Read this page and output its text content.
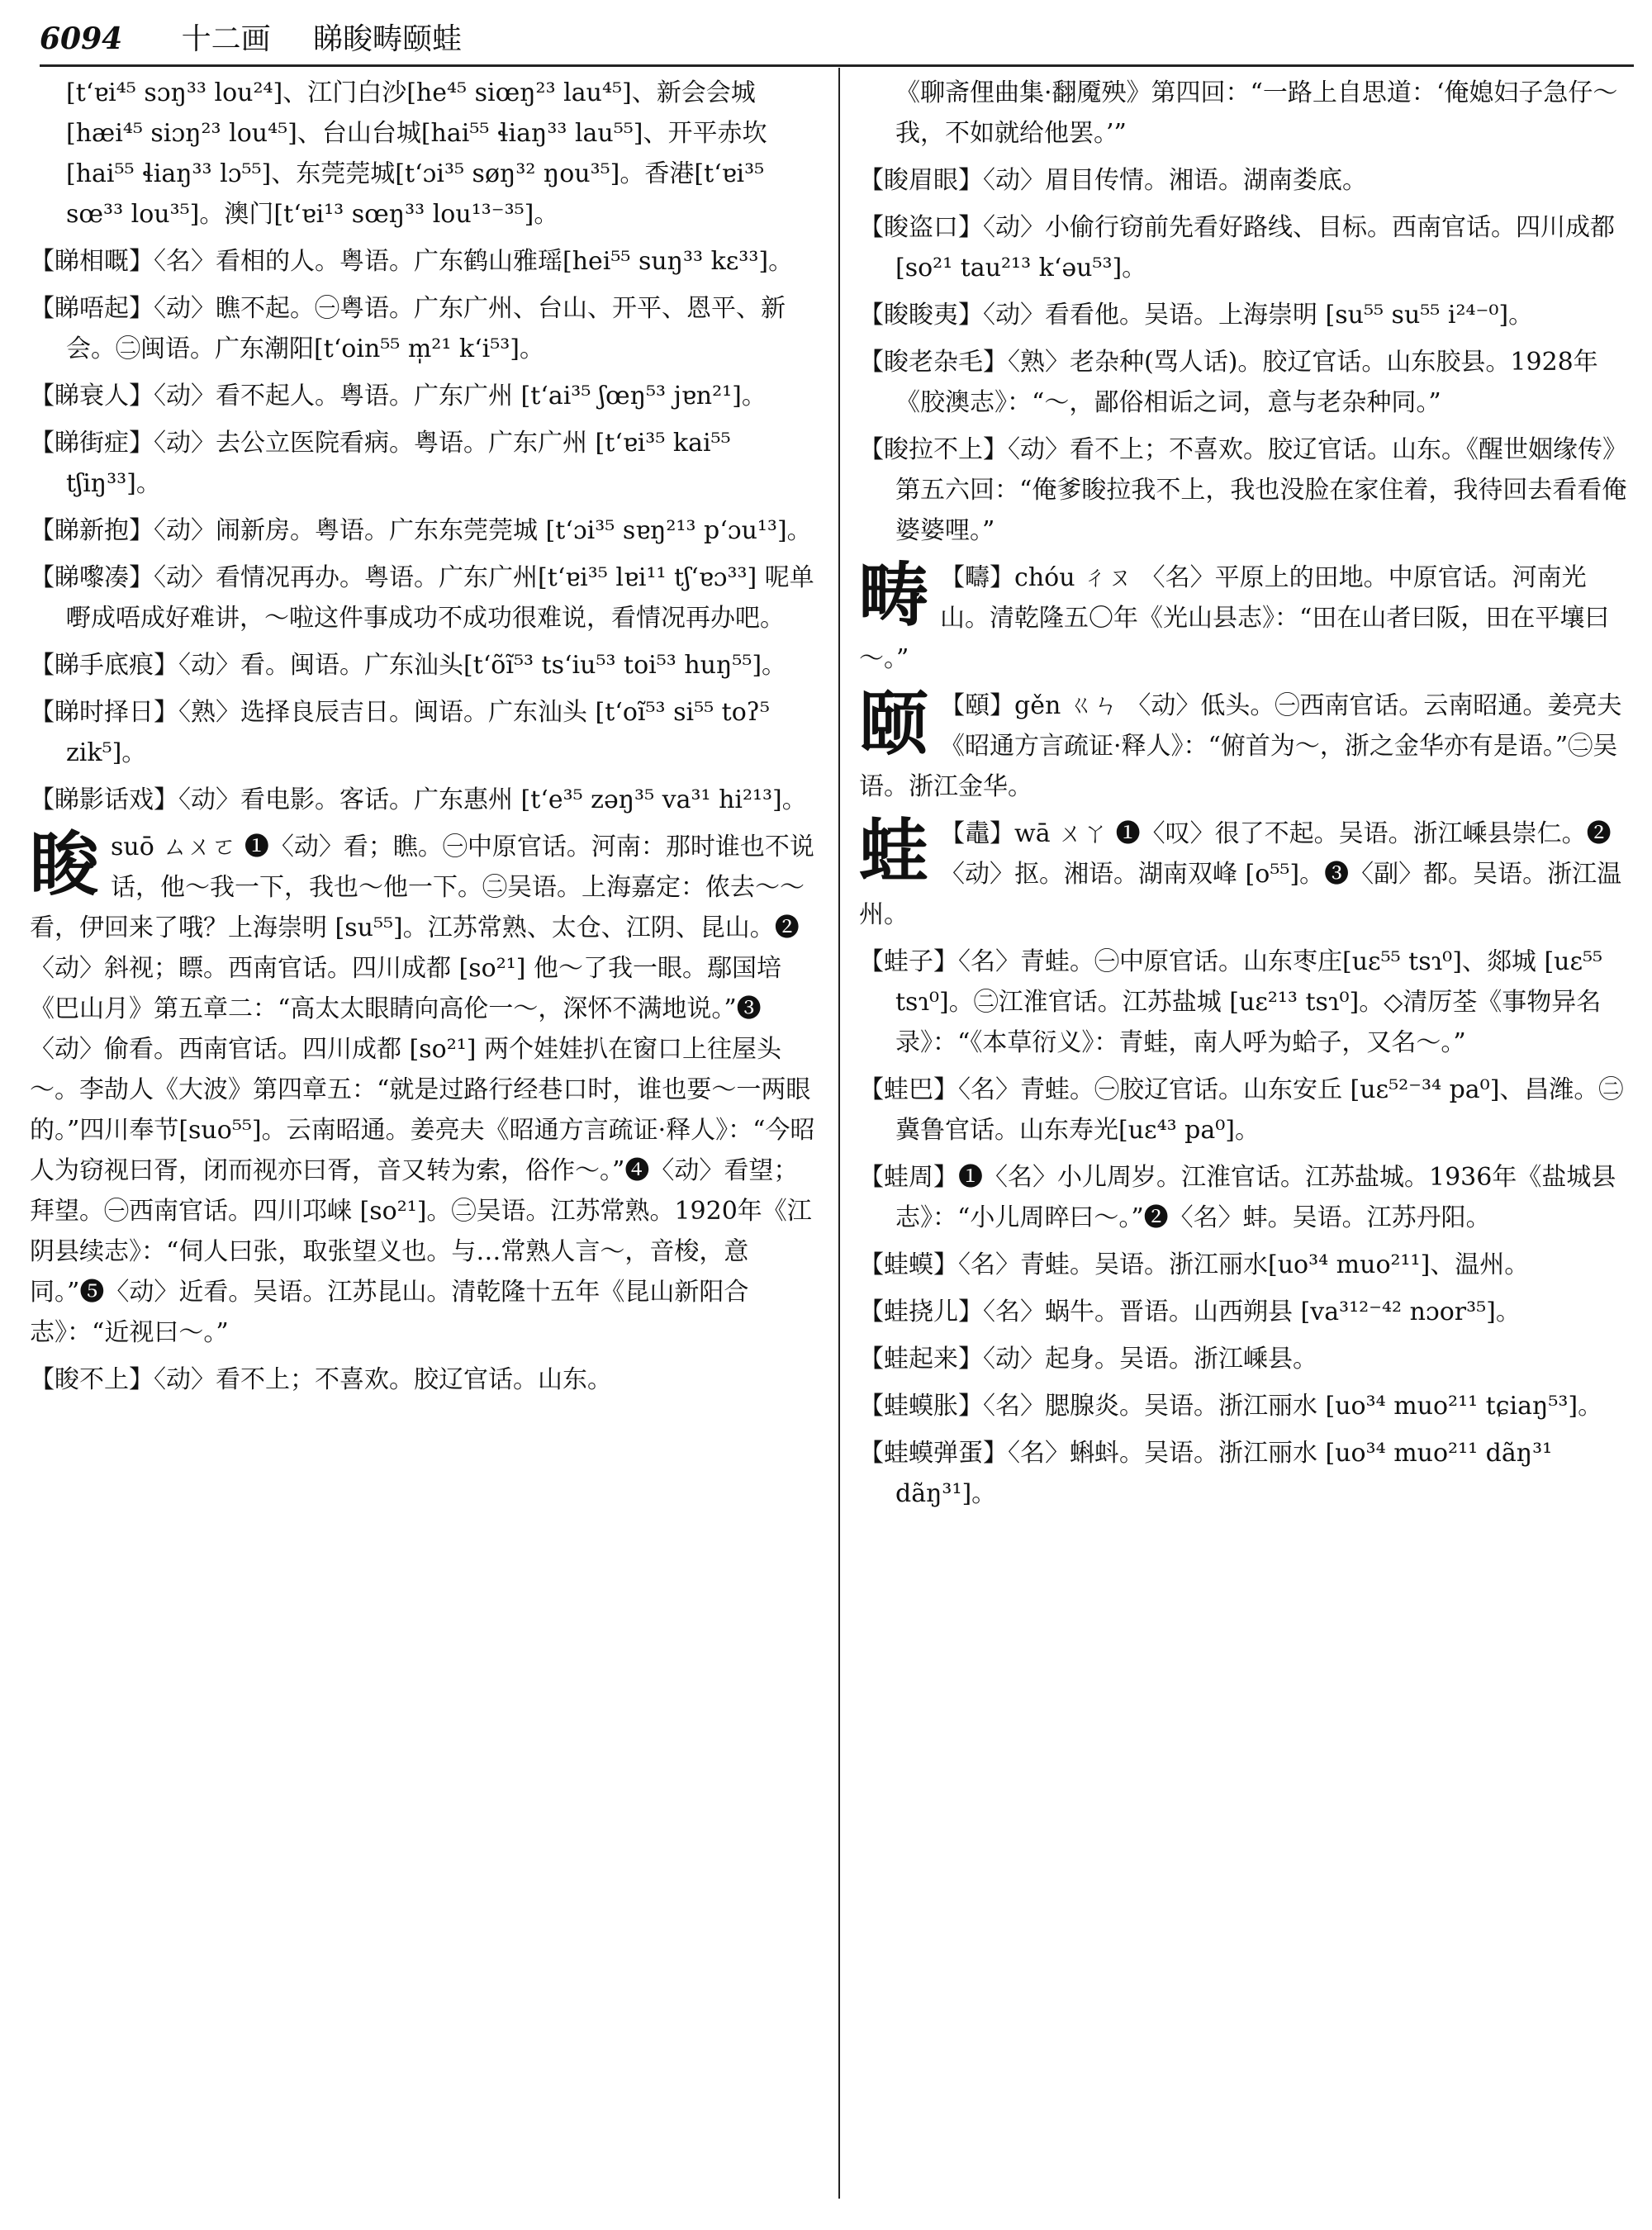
6094 十二画 睇睃畴颐蛙

[tʻɐi⁴⁵ sɔŋ³³ lou²⁴]、江门白沙[he⁴⁵ siœŋ²³ lau⁴⁵]、新会会城[hæi⁴⁵ siɔŋ²³ lou⁴⁵]、台山台城[hai⁵⁵ ɬiaŋ³³ lau⁵⁵]、开平赤坎[hai⁵⁵ ɬiaŋ³³ lɔ⁵⁵]、东莞莞城[tʻɔi³⁵ søŋ³² ŋou³⁵]。香港[tʻɐi³⁵ sœ³³ lou³⁵]。澳门[tʻɐi¹³ sœŋ³³ lou¹³⁻³⁵]。

【睇相嘅】〈名〉看相的人。粤语。广东鹤山雅瑶[hei⁵⁵ suŋ³³ kɛ³³]。

【睇唔起】〈动〉瞧不起。㊀粤语。广东广州、台山、开平、恩平、新会。㊁闽语。广东潮阳[tʻoin⁵⁵ m̩²¹ kʻi⁵³]。

【睇衰人】〈动〉看不起人。粤语。广东广州 [tʻai³⁵ ʃœŋ⁵³ jɐn²¹]。

【睇街症】〈动〉去公立医院看病。粤语。广东广州 [tʻɐi³⁵ kai⁵⁵ tʃiŋ³³]。

【睇新抱】〈动〉闹新房。粤语。广东东莞莞城 [tʻɔi³⁵ sɐŋ²¹³ pʻɔu¹³]。

【睇嚟凑】〈动〉看情况再办。粤语。广东广州[tʻɐi³⁵ lɐi¹¹ tʃʻɐɔ³³] 呢单嘢成唔成好难讲，～啦这件事成功不成功很难说，看情况再办吧。

【睇手底痕】〈动〉看。闽语。广东汕头[tʻõĩ⁵³ tsʻiu⁵³ toi⁵³ huŋ⁵⁵]。

【睇时择日】〈熟〉选择良辰吉日。闽语。广东汕头 [tʻoĩ⁵³ si⁵⁵ toʔ⁵ zik⁵]。

【睇影话戏】〈动〉看电影。客话。广东惠州 [tʻe³⁵ zəŋ³⁵ va³¹ hi²¹³]。

睃 suō ㄙㄨㄛ ❶〈动〉看；瞧。㊀中原官话。河南：那时谁也不说话，他～我一下，我也～他一下。㊁吴语。上海嘉定：侬去～～看，伊回来了哦？上海崇明 [su⁵⁵]。江苏常熟、太仓、江阴、昆山。❷〈动〉斜视；瞟。西南官话。四川成都 [so²¹] 他～了我一眼。鄢国培《巴山月》第五章二：“高太太眼睛向高伦一～，深怀不满地说。”❸〈动〉偷看。西南官话。四川成都 [so²¹] 两个娃娃扒在窗口上往屋头～。李劼人《大波》第四章五：“就是过路行经巷口时，谁也要～一两眼的。”四川奉节[suo⁵⁵]。云南昭通。姜亮夫《昭通方言疏证·释人》：“今昭人为窃视曰胥，闭而视亦曰胥，音又转为索，俗作～。”❹〈动〉看望；拜望。㊀西南官话。四川邛崃 [so²¹]。㊁吴语。江苏常熟。1920年《江阴县续志》：“伺人曰张，取张望义也。与…常熟人言～，音梭，意同。”❺〈动〉近看。吴语。江苏昆山。清乾隆十五年《昆山新阳合志》：“近视曰～。”

【睃不上】〈动〉看不上；不喜欢。胶辽官话。山东。

《聊斋俚曲集·翻魇殃》第四回：“一路上自思道：‘俺媳妇子急仔～我，不如就给他罢。’”

【睃眉眼】〈动〉眉目传情。湘语。湖南娄底。

【睃盗口】〈动〉小偷行窃前先看好路线、目标。西南官话。四川成都[so²¹ tau²¹³ kʻəu⁵³]。

【睃睃夷】〈动〉看看他。吴语。上海崇明 [su⁵⁵ su⁵⁵ i²⁴⁻⁰]。

【睃老杂毛】〈熟〉老杂种(骂人话)。胶辽官话。山东胶县。1928年《胶澳志》：“～，鄙俗相诟之词，意与老杂种同。”

【睃拉不上】〈动〉看不上；不喜欢。胶辽官话。山东。《醒世姻缘传》第五六回：“俺爹睃拉我不上，我也没脸在家住着，我待回去看看俺婆婆哩。”

畴 【疇】chóu ㄔㄡ 〈名〉平原上的田地。中原官话。河南光山。清乾隆五〇年《光山县志》：“田在山者曰阪，田在平壤曰～。”
颐 【頤】gěn ㄍㄣ 〈动〉低头。㊀西南官话。云南昭通。姜亮夫《昭通方言疏证·释人》：“俯首为～，浙之金华亦有是语。”㊁吴语。浙江金华。
蛙 【鼃】wā ㄨㄚ ❶〈叹〉很了不起。吴语。浙江嵊县崇仁。❷〈动〉抠。湘语。湖南双峰 [o⁵⁵]。❸〈副〉都。吴语。浙江温州。

【蛙子】〈名〉青蛙。㊀中原官话。山东枣庄[uɛ⁵⁵ tsɿ⁰]、郯城 [uɛ⁵⁵ tsɿ⁰]。㊁江淮官话。江苏盐城 [uɛ²¹³ tsɿ⁰]。◇清厉荃《事物异名录》：“《本草衍义》：青蛙，南人呼为蛤子，又名～。”

【蛙巴】〈名〉青蛙。㊀胶辽官话。山东安丘 [uɛ⁵²⁻³⁴ pa⁰]、昌潍。㊁冀鲁官话。山东寿光[uɛ⁴³ pa⁰]。

【蛙周】❶〈名〉小儿周岁。江淮官话。江苏盐城。1936年《盐城县志》：“小儿周晬曰～。”❷〈名〉蚌。吴语。江苏丹阳。

【蛙蟆】〈名〉青蛙。吴语。浙江丽水[uo³⁴ muo²¹¹]、温州。

【蛙挠儿】〈名〉蜗牛。晋语。山西朔县 [va³¹²⁻⁴² nɔor³⁵]。

【蛙起来】〈动〉起身。吴语。浙江嵊县。

【蛙蟆胀】〈名〉腮腺炎。吴语。浙江丽水 [uo³⁴ muo²¹¹ tɕiaŋ⁵³]。

【蛙蟆弹蛋】〈名〉蝌蚪。吴语。浙江丽水 [uo³⁴ muo²¹¹ dãŋ³¹ dãŋ³¹]。
